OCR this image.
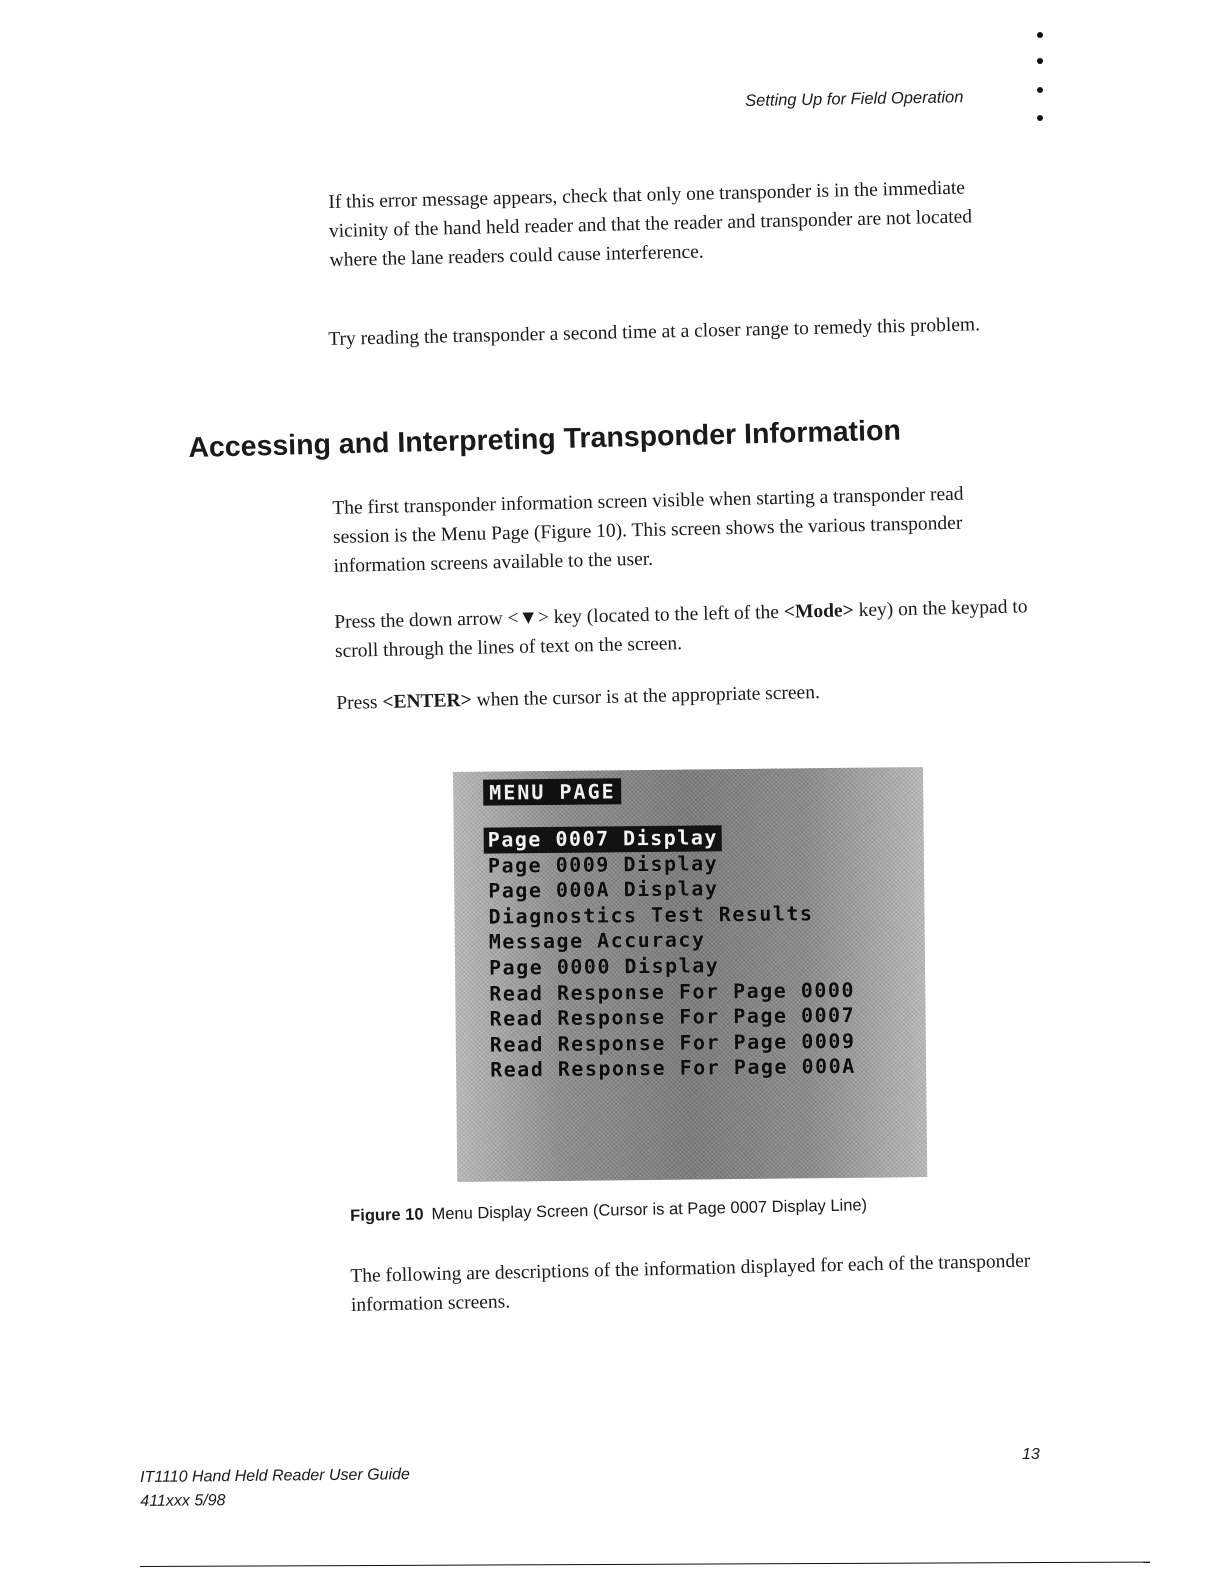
Setting Up for Field Operation

If this error message appears, check that only one transponder is in the immediate vicinity of the hand held reader and that the reader and transponder are not located where the lane readers could cause interference.

Try reading the transponder a second time at a closer range to remedy this problem.

Accessing and Interpreting Transponder Information

The first transponder information screen visible when starting a transponder read session is the Menu Page (Figure 10). This screen shows the various transponder information screens available to the user.

Press the down arrow <▼> key (located to the left of the <Mode> key) on the keypad to scroll through the lines of text on the screen.

Press <ENTER> when the cursor is at the appropriate screen.

MENU PAGE
Page 0007 Display
Page 0009 Display
Page 000A Display
Diagnostics Test Results
Message Accuracy
Page 0000 Display
Read Response For Page 0000
Read Response For Page 0007
Read Response For Page 0009
Read Response For Page 000A

Figure 10 Menu Display Screen (Cursor is at Page 0007 Display Line)

The following are descriptions of the information displayed for each of the transponder information screens.

13
IT1110 Hand Held Reader User Guide
411xxx 5/98
